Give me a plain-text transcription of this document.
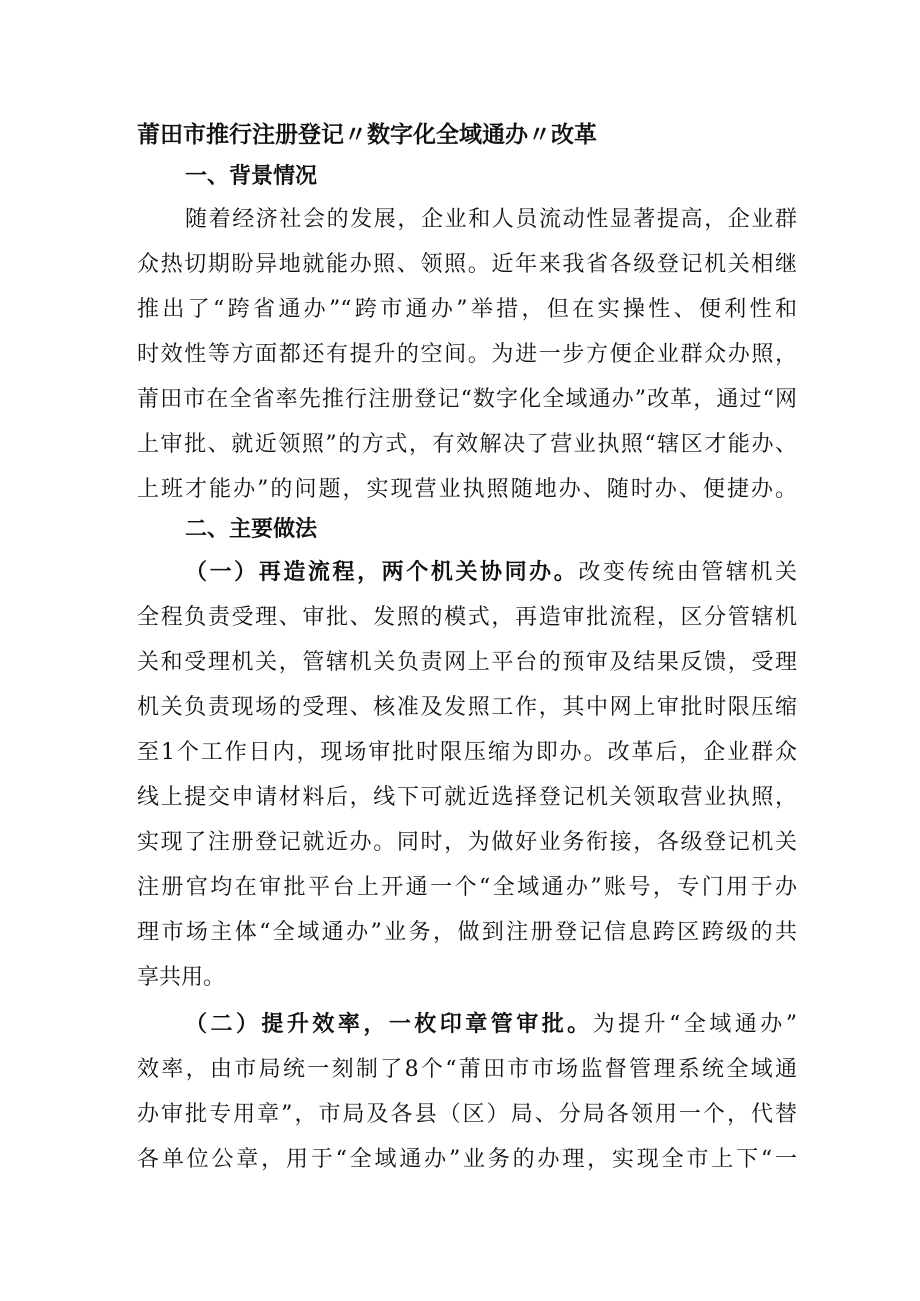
莆田市推行注册登记〃数字化全域通办〃改革
一、背景情况
随着经济社会的发展，企业和人员流动性显著提高，企业群
众热切期盼异地就能办照、领照。近年来我省各级登记机关相继
推出了“跨省通办”“跨市通办”举措，但在实操性、便利性和
时效性等方面都还有提升的空间。为进一步方便企业群众办照，
莆田市在全省率先推行注册登记“数字化全域通办”改革，通过“网
上审批、就近领照”的方式，有效解决了营业执照“辖区才能办、
上班才能办”的问题，实现营业执照随地办、随时办、便捷办。
二、主要做法
（一）再造流程，两个机关协同办。改变传统由管辖机关
全程负责受理、审批、发照的模式，再造审批流程，区分管辖机
关和受理机关，管辖机关负责网上平台的预审及结果反馈，受理
机关负责现场的受理、核准及发照工作，其中网上审批时限压缩
至1个工作日内，现场审批时限压缩为即办。改革后，企业群众
线上提交申请材料后，线下可就近选择登记机关领取营业执照，
实现了注册登记就近办。同时，为做好业务衔接，各级登记机关
注册官均在审批平台上开通一个“全域通办”账号，专门用于办
理市场主体“全域通办”业务，做到注册登记信息跨区跨级的共
享共用。
（二）提升效率，一枚印章管审批。为提升“全域通办”
效率，由市局统一刻制了8个“莆田市市场监督管理系统全域通
办审批专用章”，市局及各县（区）局、分局各领用一个，代替
各单位公章，用于“全域通办”业务的办理，实现全市上下“一
